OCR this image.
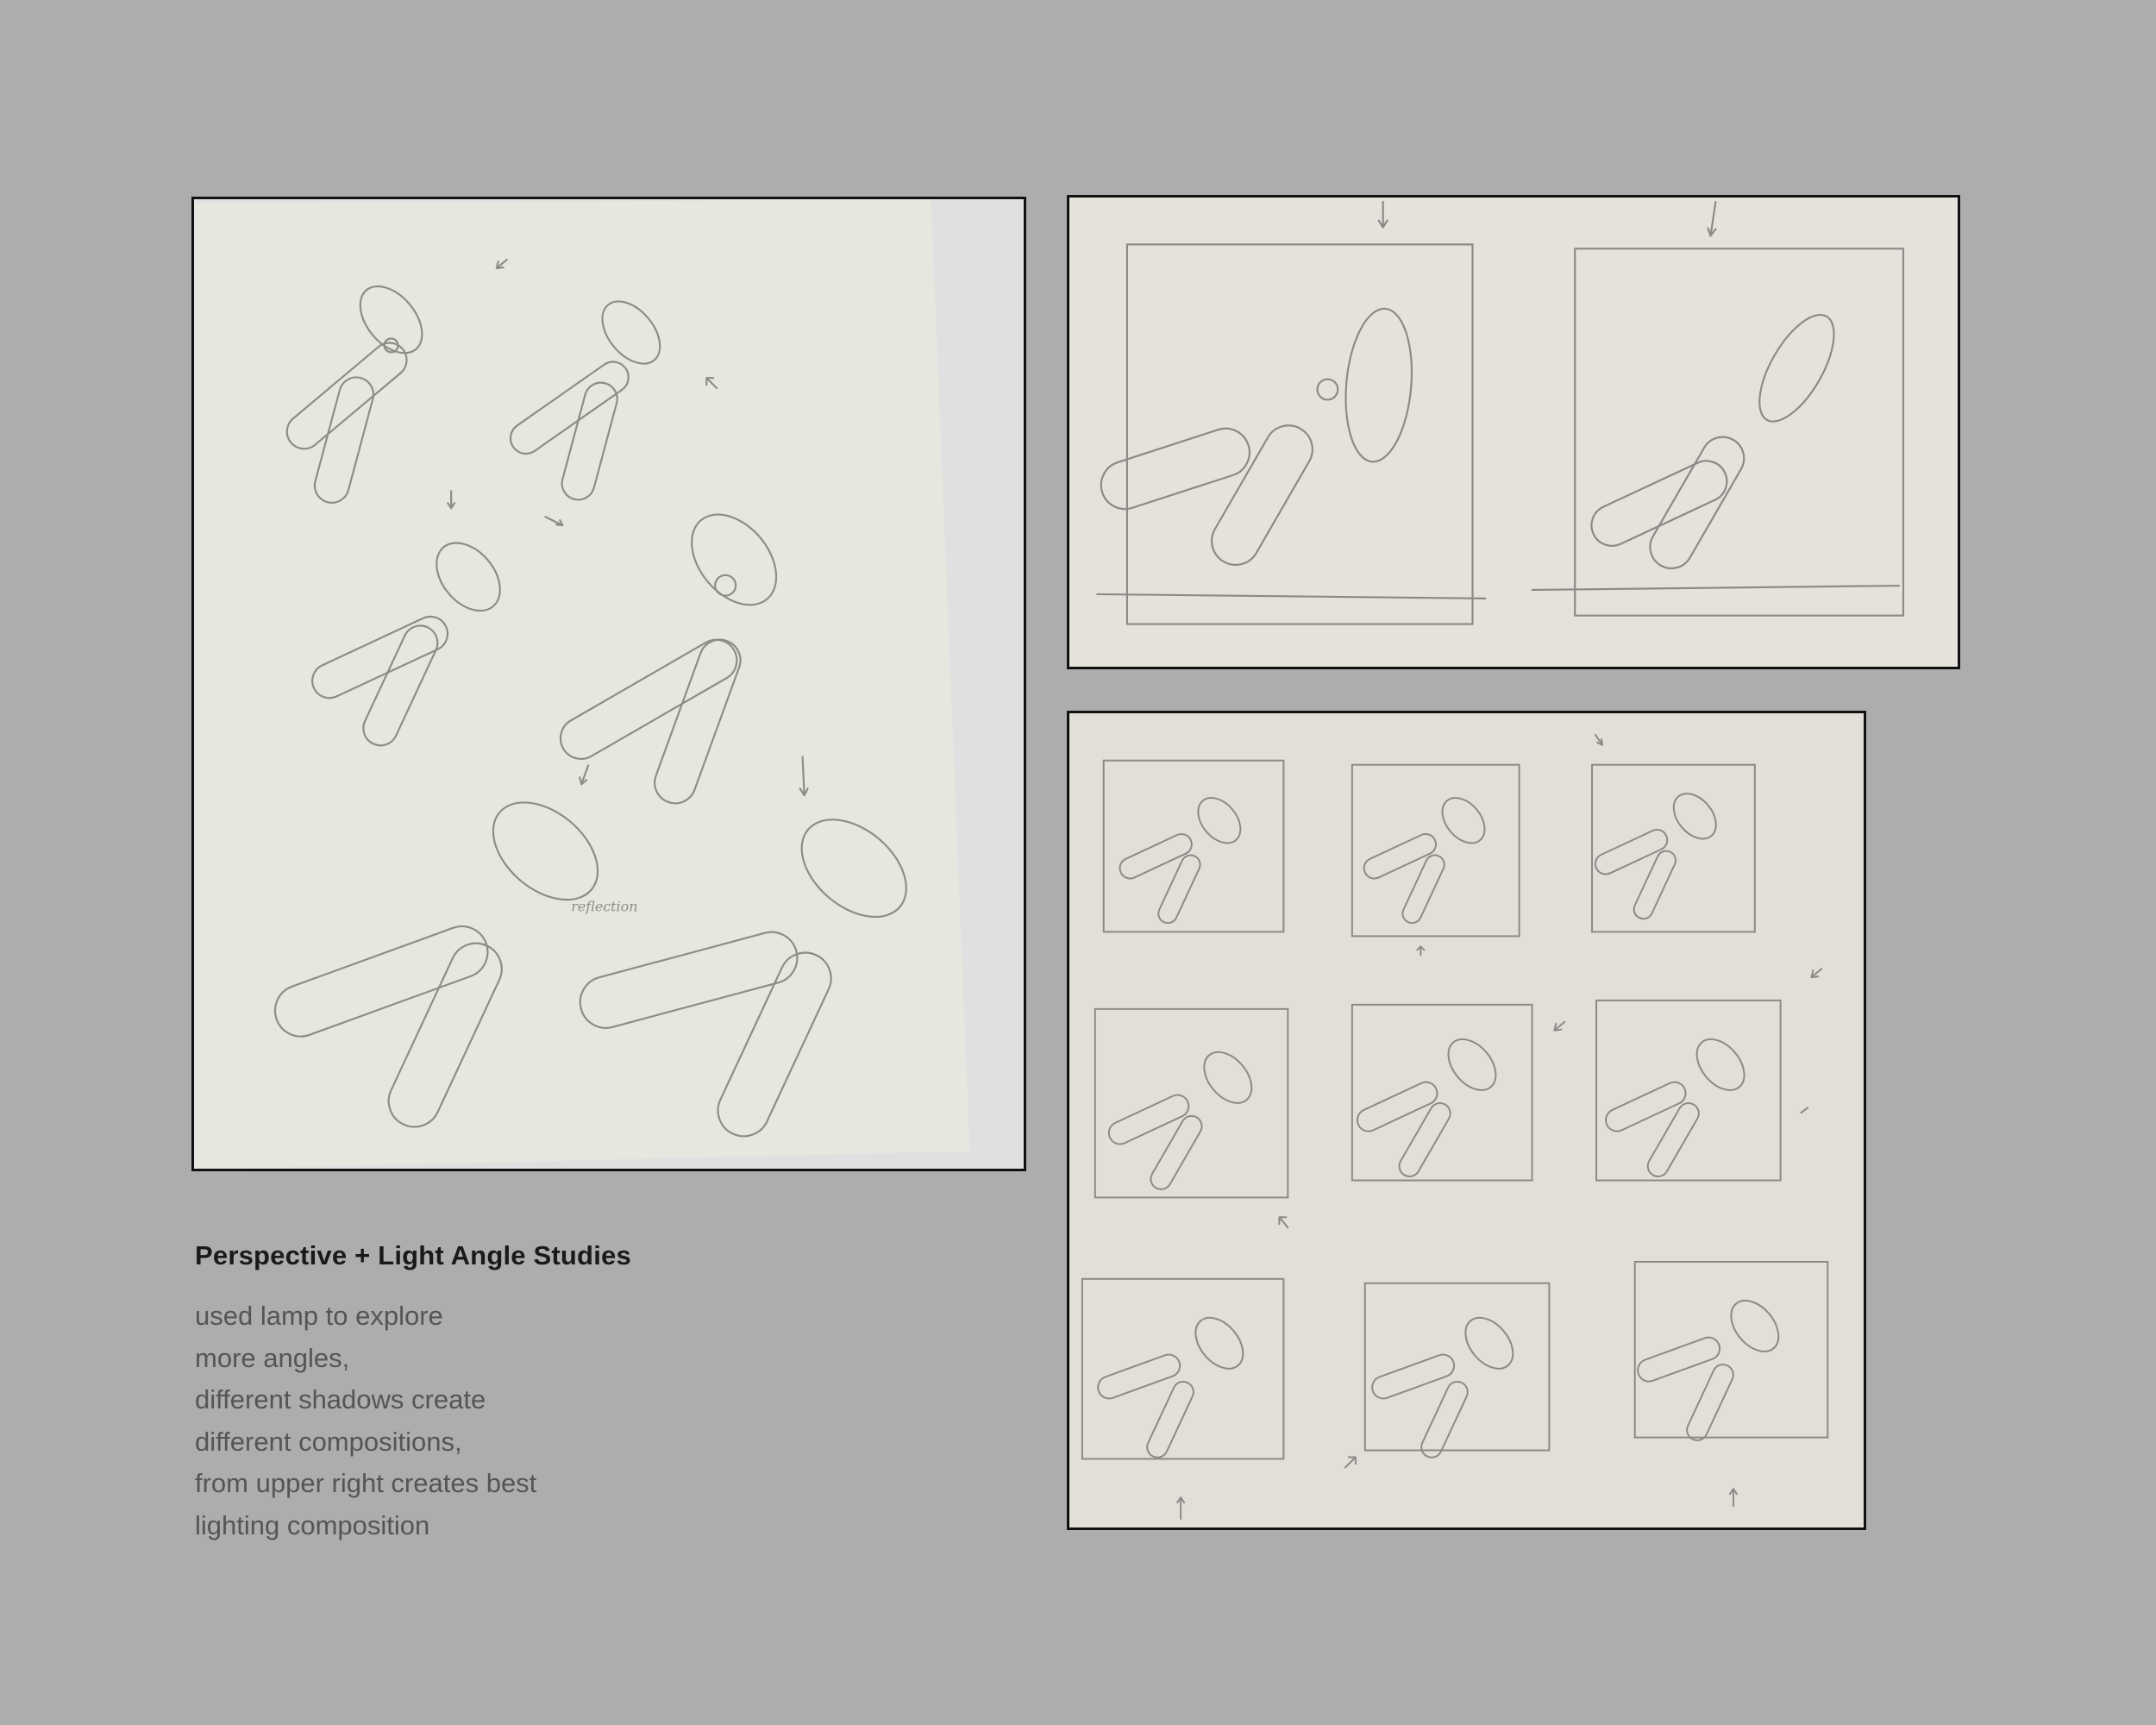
reflection
Perspective + Light Angle Studies
used lamp to explore
more angles,
different shadows create
different compositions,
from upper right creates best
lighting composition
